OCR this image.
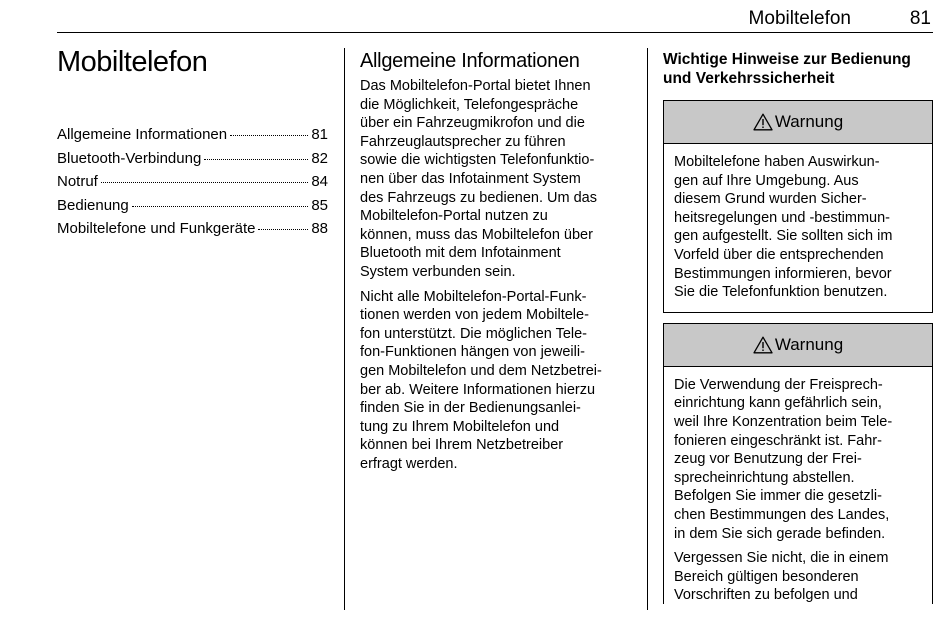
Mobiltelefon	81
Mobiltelefon
Allgemeine Informationen	81
Bluetooth-Verbindung	82
Notruf	84
Bedienung	85
Mobiltelefone und Funkgeräte	88
Allgemeine Informationen

Das Mobiltelefon-Portal bietet Ihnen
die Möglichkeit, Telefongespräche
über ein Fahrzeugmikrofon und die
Fahrzeuglautsprecher zu führen
sowie die wichtigsten Telefonfunktio-
nen über das Infotainment System
des Fahrzeugs zu bedienen. Um das
Mobiltelefon-Portal nutzen zu
können, muss das Mobiltelefon über
Bluetooth mit dem Infotainment
System verbunden sein.

Nicht alle Mobiltelefon-Portal-Funk-
tionen werden von jedem Mobiltele-
fon unterstützt. Die möglichen Tele-
fon-Funktionen hängen von jeweili-
gen Mobiltelefon und dem Netzbetrei-
ber ab. Weitere Informationen hierzu
finden Sie in der Bedienungsanlei-
tung zu Ihrem Mobiltelefon und
können bei Ihrem Netzbetreiber
erfragt werden.

Wichtige Hinweise zur Bedienung
und Verkehrssicherheit
Warnung

Mobiltelefone haben Auswirkun-
gen auf Ihre Umgebung. Aus
diesem Grund wurden Sicher-
heitsregelungen und -bestimmun-
gen aufgestellt. Sie sollten sich im
Vorfeld über die entsprechenden
Bestimmungen informieren, bevor
Sie die Telefonfunktion benutzen.

Warnung

Die Verwendung der Freisprech-
einrichtung kann gefährlich sein,
weil Ihre Konzentration beim Tele-
fonieren eingeschränkt ist. Fahr-
zeug vor Benutzung der Frei-
sprecheinrichtung abstellen.
Befolgen Sie immer die gesetzli-
chen Bestimmungen des Landes,
in dem Sie sich gerade befinden.

Vergessen Sie nicht, die in einem
Bereich gültigen besonderen
Vorschriften zu befolgen und
